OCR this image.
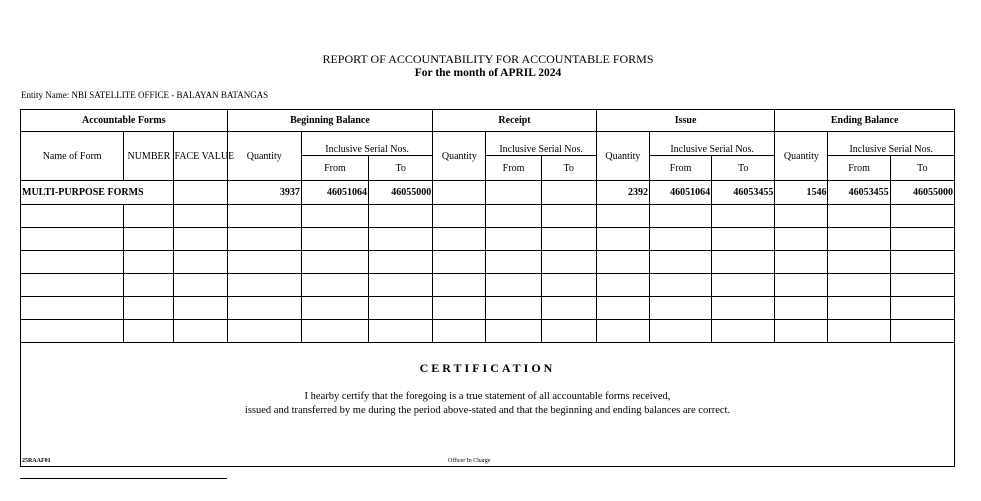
REPORT OF ACCOUNTABILITY FOR ACCOUNTABLE FORMS
For the month of APRIL 2024
Entity Name: NBI SATELLITE OFFICE - BALAYAN BATANGAS
Accountable Forms			Beginning Balance			Receipt			Issue			Ending Balance		
Name of Form	NUMBER	FACE VALUE	Quantity	Inclusive Serial Nos.		Quantity	Inclusive Serial Nos.		Quantity	Inclusive Serial Nos.		Quantity	Inclusive Serial Nos.	
				From	To		From	To		From	To		From	To
MULTI-PURPOSE FORMS			3937	46051064	46055000				2392	46051064	46053455	1546	46053455	46055000

CERTIFICATION
I hearby certify that the foregoing is a true statement of all accountable forms received,
issued and transferred by me during the period above-stated and that the beginning and ending balances are correct.
25RAAF01	Officer In Charge
